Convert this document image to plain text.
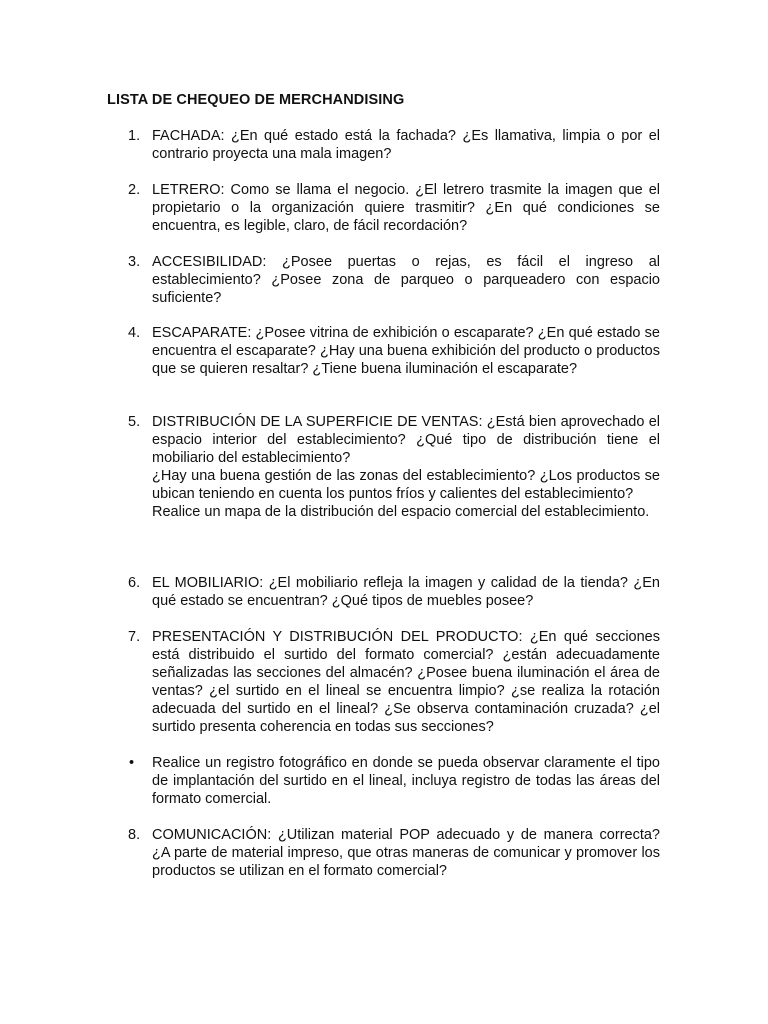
LISTA DE CHEQUEO DE MERCHANDISING
1. FACHADA: ¿En qué estado está la fachada? ¿Es llamativa, limpia o por el contrario proyecta una mala imagen?
2. LETRERO: Como se llama el negocio. ¿El letrero trasmite la imagen que el propietario o la organización quiere trasmitir? ¿En qué condiciones se encuentra, es legible, claro, de fácil recordación?
3. ACCESIBILIDAD: ¿Posee puertas o rejas, es fácil el ingreso al establecimiento? ¿Posee zona de parqueo o parqueadero con espacio suficiente?
4. ESCAPARATE: ¿Posee vitrina de exhibición o escaparate? ¿En qué estado se encuentra el escaparate? ¿Hay una buena exhibición del producto o productos que se quieren resaltar? ¿Tiene buena iluminación el escaparate?
5. DISTRIBUCIÓN DE LA SUPERFICIE DE VENTAS: ¿Está bien aprovechado el espacio interior del establecimiento? ¿Qué tipo de distribución tiene el mobiliario del establecimiento?
¿Hay una buena gestión de las zonas del establecimiento? ¿Los productos se ubican teniendo en cuenta los puntos fríos y calientes del establecimiento?
Realice un mapa de la distribución del espacio comercial del establecimiento.
6. EL MOBILIARIO: ¿El mobiliario refleja la imagen y calidad de la tienda? ¿En qué estado se encuentran? ¿Qué tipos de muebles posee?
7. PRESENTACIÓN Y DISTRIBUCIÓN DEL PRODUCTO: ¿En qué secciones está distribuido el surtido del formato comercial? ¿están adecuadamente señalizadas las secciones del almacén? ¿Posee buena iluminación el área de ventas? ¿el surtido en el lineal se encuentra limpio? ¿se realiza la rotación adecuada del surtido en el lineal? ¿Se observa contaminación cruzada? ¿el surtido presenta coherencia en todas sus secciones?
• Realice un registro fotográfico en donde se pueda observar claramente el tipo de implantación del surtido en el lineal, incluya registro de todas las áreas del formato comercial.
8. COMUNICACIÓN: ¿Utilizan material POP adecuado y de manera correcta? ¿A parte de material impreso, que otras maneras de comunicar y promover los productos se utilizan en el formato comercial?
